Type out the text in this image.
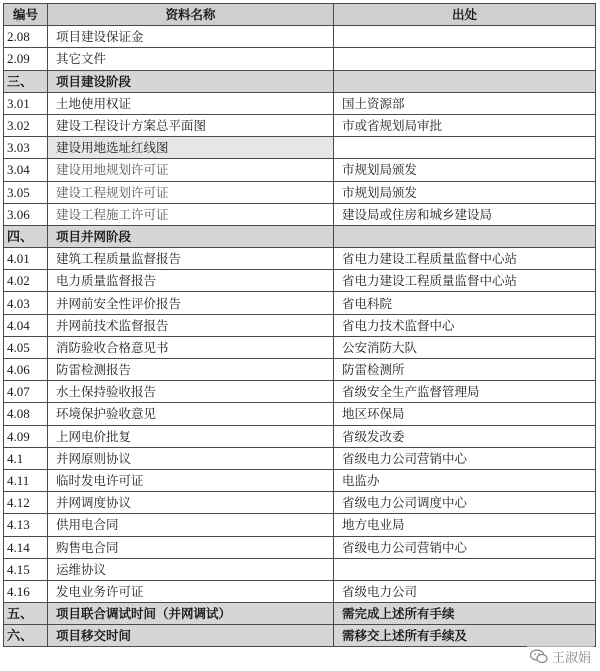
编号	资料名称	出处
2.08	项目建设保证金	
2.09	其它文件	
三、	项目建设阶段	
3.01	土地使用权证	国土资源部
3.02	建设工程设计方案总平面图	市或省规划局审批
3.03	建设用地选址红线图	
3.04	建设用地规划许可证	市规划局颁发
3.05	建设工程规划许可证	市规划局颁发
3.06	建设工程施工许可证	建设局或住房和城乡建设局
四、	项目并网阶段	
4.01	建筑工程质量监督报告	省电力建设工程质量监督中心站
4.02	电力质量监督报告	省电力建设工程质量监督中心站
4.03	并网前安全性评价报告	省电科院
4.04	并网前技术监督报告	省电力技术监督中心
4.05	消防验收合格意见书	公安消防大队
4.06	防雷检测报告	防雷检测所
4.07	水土保持验收报告	省级安全生产监督管理局
4.08	环境保护验收意见	地区环保局
4.09	上网电价批复	省级发改委
4.1	并网原则协议	省级电力公司营销中心
4.11	临时发电许可证	电监办
4.12	并网调度协议	省级电力公司调度中心
4.13	供用电合同	地方电业局
4.14	购售电合同	省级电力公司营销中心
4.15	运维协议	
4.16	发电业务许可证	省级电力公司
五、	项目联合调试时间（并网调试）	需完成上述所有手续
六、	项目移交时间	需移交上述所有手续及
王淑娟
